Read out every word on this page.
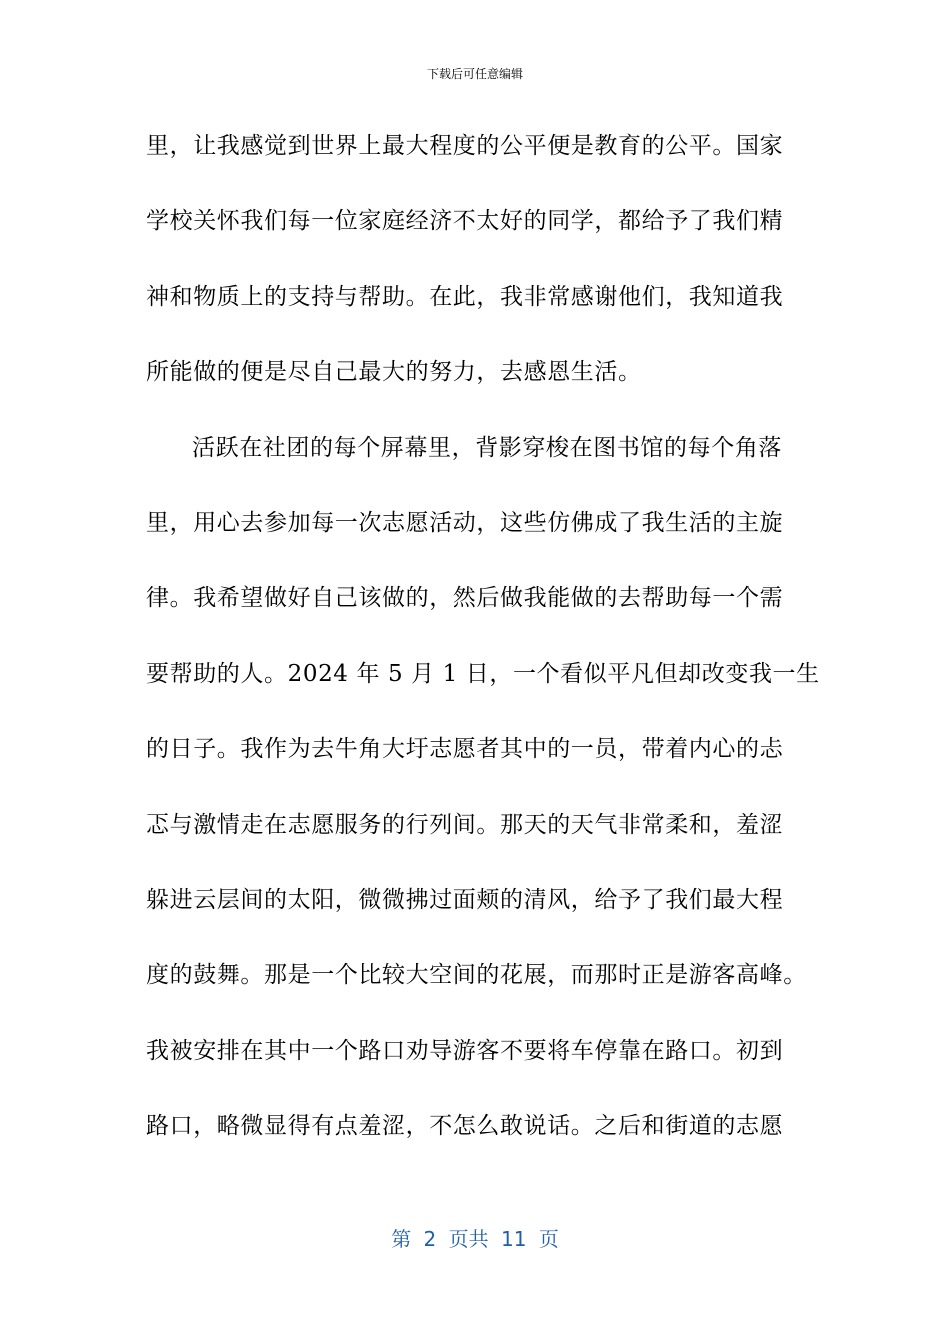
下载后可任意编辑
里，让我感觉到世界上最大程度的公平便是教育的公平。国家
学校关怀我们每一位家庭经济不太好的同学，都给予了我们精
神和物质上的支持与帮助。在此，我非常感谢他们，我知道我
所能做的便是尽自己最大的努力，去感恩生活。
活跃在社团的每个屏幕里，背影穿梭在图书馆的每个角落
里，用心去参加每一次志愿活动，这些仿佛成了我生活的主旋
律。我希望做好自己该做的，然后做我能做的去帮助每一个需
要帮助的人。2024 年 5 月 1 日，一个看似平凡但却改变我一生
的日子。我作为去牛角大圩志愿者其中的一员，带着内心的忐
忑与激情走在志愿服务的行列间。那天的天气非常柔和，羞涩
躲进云层间的太阳，微微拂过面颊的清风，给予了我们最大程
度的鼓舞。那是一个比较大空间的花展，而那时正是游客高峰。
我被安排在其中一个路口劝导游客不要将车停靠在路口。初到
路口，略微显得有点羞涩，不怎么敢说话。之后和街道的志愿
第 2 页共 11 页
